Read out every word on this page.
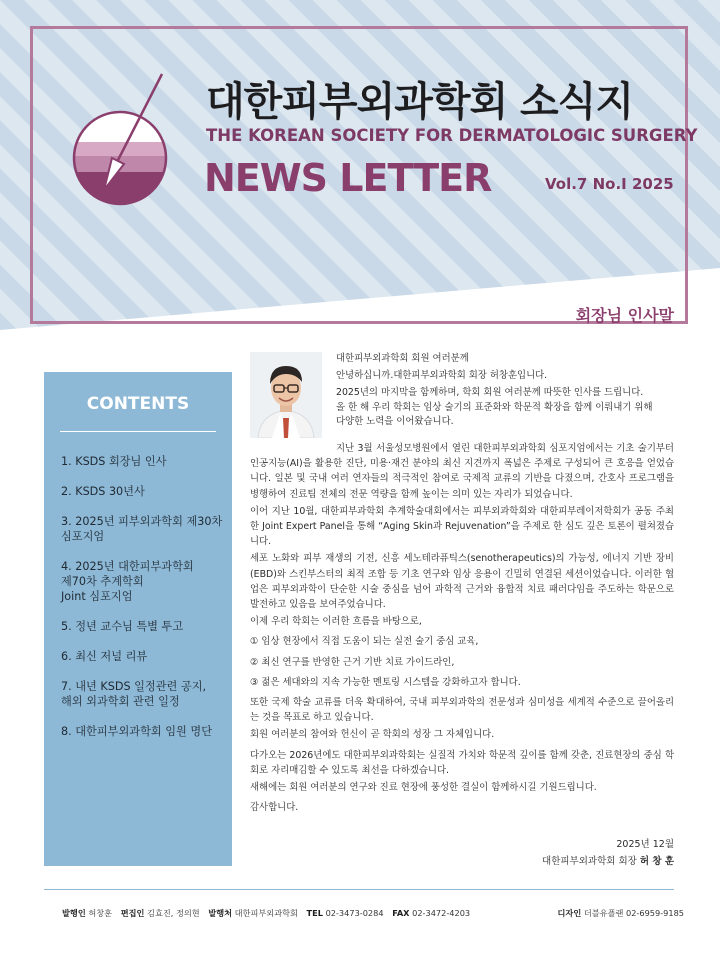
대한피부외과학회 소식지
THE KOREAN SOCIETY FOR DERMATOLOGIC SURGERY
NEWS LETTER	Vol.7 No.I 2025
회장님 인사말
CONTENTS
1. KSDS 회장님 인사
2. KSDS 30년사
3. 2025년 피부외과학회 제30차
심포지엄
4. 2025년 대한피부과학회
제70차 추계학회
Joint 심포지엄
5. 정년 교수님 특별 투고
6. 최신 저널 리뷰
7. 내년 KSDS 일정관련 공지,
해외 외과학회 관련 일정
8. 대한피부외과학회 임원 명단

대한피부외과학회 회원 여러분께

안녕하십니까.대한피부외과학회 회장 허창훈입니다.

2025년의 마지막을 함께하며, 학회 회원 여러분께 따뜻한 인사를 드립니다.

올 한 해 우리 학회는 임상 술기의 표준화와 학문적 확장을 함께 이뤄내기 위해

다양한 노력을 이어왔습니다.

지난 3월 서울성모병원에서 열린 대한피부외과학회 심포지엄에서는 기초 술기부터 인공지능(AI)을 활용한 진단, 미용·재건 분야의 최신 지견까지 폭넓은 주제로 구성되어 큰 호응을 얻었습니다. 일본 및 국내 여러 연자들의 적극적인 참여로 국제적 교류의 기반을 다졌으며, 간호사 프로그램을 병행하여 진료팀 전체의 전문 역량을 함께 높이는 의미 있는 자리가 되었습니다.

이어 지난 10월, 대한피부과학회 추계학술대회에서는 피부외과학회와 대한피부레이저학회가 공동 주최한 Joint Expert Panel을 통해 “Aging Skin과 Rejuvenation”을 주제로 한 심도 깊은 토론이 펼쳐졌습니다.

세포 노화와 피부 재생의 기전, 신흥 세노테라퓨틱스(senotherapeutics)의 가능성, 에너지 기반 장비(EBD)와 스킨부스터의 최적 조합 등 기초 연구와 임상 응용이 긴밀히 연결된 세션이었습니다. 이러한 협업은 피부외과학이 단순한 시술 중심을 넘어 과학적 근거와 융합적 치료 패러다임을 주도하는 학문으로 발전하고 있음을 보여주었습니다.

이제 우리 학회는 이러한 흐름을 바탕으로,

① 임상 현장에서 직접 도움이 되는 실전 술기 중심 교육,

② 최신 연구를 반영한 근거 기반 치료 가이드라인,

③ 젊은 세대와의 지속 가능한 멘토링 시스템을 강화하고자 합니다.

또한 국제 학술 교류를 더욱 확대하여, 국내 피부외과학의 전문성과 심미성을 세계적 수준으로 끌어올리는 것을 목표로 하고 있습니다.

회원 여러분의 참여와 헌신이 곧 학회의 성장 그 자체입니다.

다가오는 2026년에도 대한피부외과학회는 실질적 가치와 학문적 깊이를 함께 갖춘, 진료현장의 중심 학회로 자리매김할 수 있도록 최선을 다하겠습니다.

새해에는 회원 여러분의 연구와 진료 현장에 풍성한 결실이 함께하시길 기원드립니다.

감사합니다.

2025년 12월
대한피부외과학회 회장 허 창 훈
발행인 허창훈 편집인 김효진, 정의현 발행처 대한피부외과학회 TEL 02-3473-0284 FAX 02-3472-4203	디자인 더블유플랜 02-6959-9185
